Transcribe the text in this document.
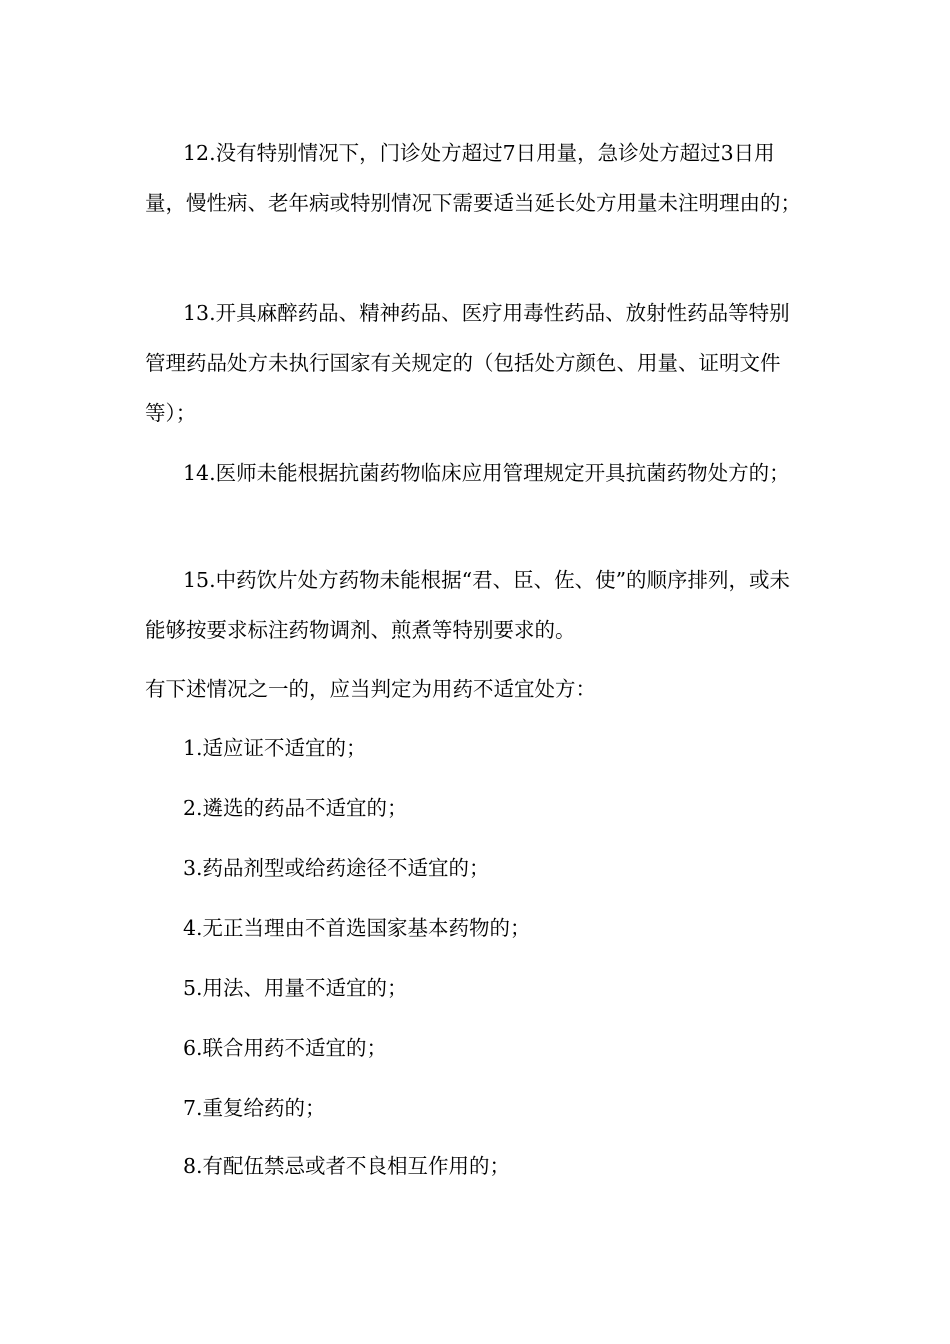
12.没有特别情况下，门诊处方超过7日用量，急诊处方超过3日用量，慢性病、老年病或特别情况下需要适当延长处方用量未注明理由的；

13.开具麻醉药品、精神药品、医疗用毒性药品、放射性药品等特别管理药品处方未执行国家有关规定的（包括处方颜色、用量、证明文件等）；

14.医师未能根据抗菌药物临床应用管理规定开具抗菌药物处方的；

15.中药饮片处方药物未能根据“君、臣、佐、使”的顺序排列，或未能够按要求标注药物调剂、煎煮等特别要求的。

有下述情况之一的，应当判定为用药不适宜处方：

1.适应证不适宜的；

2.遴选的药品不适宜的；

3.药品剂型或给药途径不适宜的；

4.无正当理由不首选国家基本药物的；

5.用法、用量不适宜的；

6.联合用药不适宜的；

7.重复给药的；

8.有配伍禁忌或者不良相互作用的；
